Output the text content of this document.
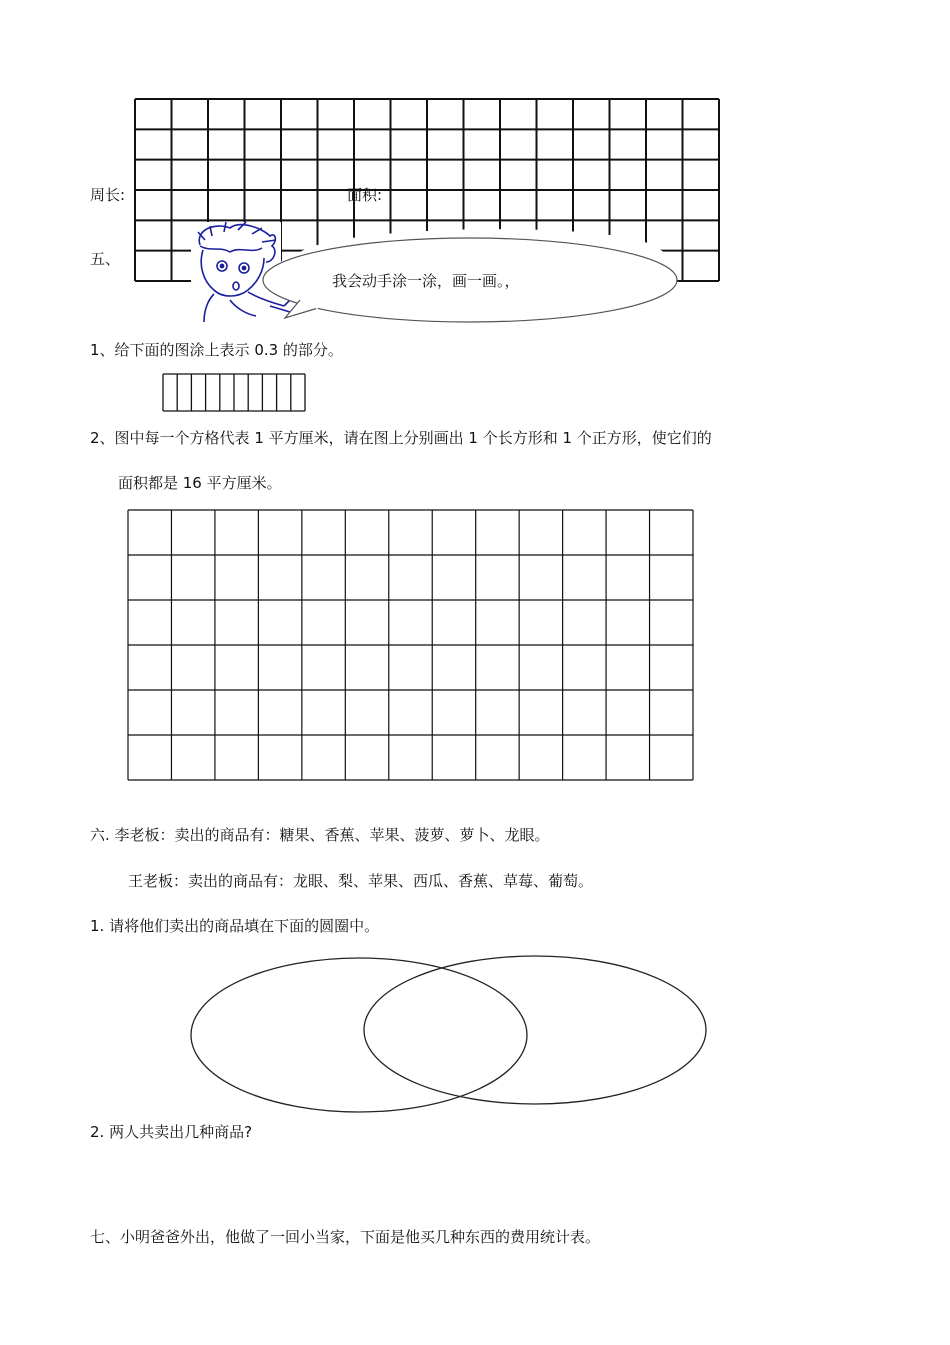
周长:	面积:
五、
我会动手涂一涂，画一画。，
1、给下面的图涂上表示 0.3 的部分。
2、图中每一个方格代表 1 平方厘米，请在图上分别画出 1 个长方形和 1 个正方形，使它们的
面积都是 16 平方厘米。
六. 李老板：卖出的商品有：糖果、香蕉、苹果、菠萝、萝卜、龙眼。
王老板：卖出的商品有：龙眼、梨、苹果、西瓜、香蕉、草莓、葡萄。
1. 请将他们卖出的商品填在下面的圆圈中。
2. 两人共卖出几种商品?
七、小明爸爸外出，他做了一回小当家，下面是他买几种东西的费用统计表。
